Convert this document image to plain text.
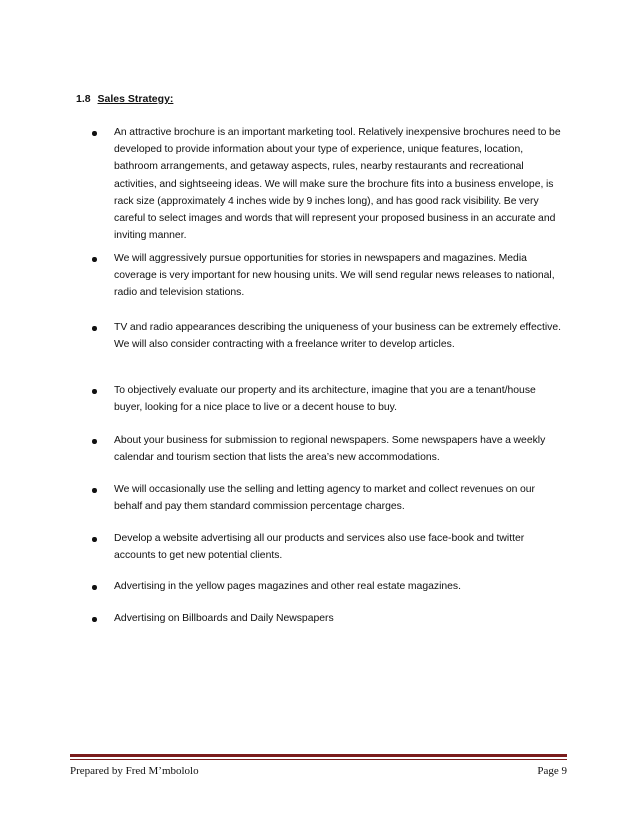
1.8 Sales Strategy:
An attractive brochure is an important marketing tool. Relatively inexpensive brochures need to be developed to provide information about your type of experience, unique features, location, bathroom arrangements, and getaway aspects, rules, nearby restaurants and recreational activities, and sightseeing ideas. We will make sure the brochure fits into a business envelope, is rack size (approximately 4 inches wide by 9 inches long), and has good rack visibility. Be very careful to select images and words that will represent your proposed business in an accurate and inviting manner.
We will aggressively pursue opportunities for stories in newspapers and magazines. Media coverage is very important for new housing units. We will send regular news releases to national, radio and television stations.
TV and radio appearances describing the uniqueness of your business can be extremely effective. We will also consider contracting with a freelance writer to develop articles.
To objectively evaluate our property and its architecture, imagine that you are a tenant/house buyer, looking for a nice place to live or a decent house to buy.
About your business for submission to regional newspapers. Some newspapers have a weekly calendar and tourism section that lists the area’s new accommodations.
We will occasionally use the selling and letting agency to market and collect revenues on our behalf and pay them standard commission percentage charges.
Develop a website advertising all our products and services also use face-book and twitter accounts to get new potential clients.
Advertising in the yellow pages magazines and other real estate magazines.
Advertising on Billboards and Daily Newspapers
Prepared by Fred M’mbololo	Page 9
